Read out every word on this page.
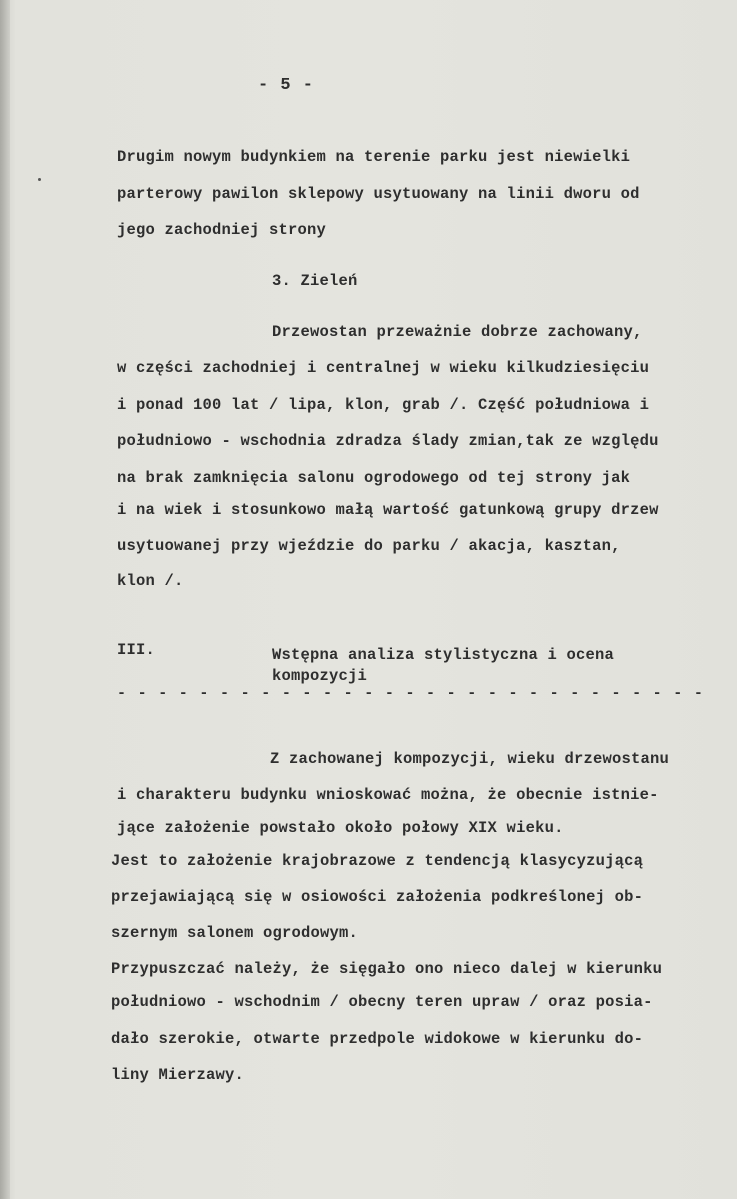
- 5 -
Drugim nowym budynkiem na terenie parku jest niewielki
parterowy pawilon sklepowy usytuowany na linii dworu od
jego zachodniej strony
3. Zieleń
Drzewostan przeważnie dobrze zachowany,
w części zachodniej i centralnej w wieku kilkudziesięciu
i ponad 100 lat / lipa, klon, grab /. Część południowa i
południowo - wschodnia zdradza ślady zmian,tak ze względu
na brak zamknięcia salonu ogrodowego od tej strony jak
i na wiek i stosunkowo małą wartość gatunkową grupy drzew
usytuowanej przy wjeździe do parku / akacja, kasztan,
klon /.
III.	Wstępna analiza stylistyczna i ocena
kompozycji
- - - - - - - - - - - - - - - - - - - - - - - - - - - - -
Z zachowanej kompozycji, wieku drzewostanu
i charakteru budynku wnioskować można, że obecnie istnie-
jące założenie powstało około połowy XIX wieku.
Jest to założenie krajobrazowe z tendencją klasycyzującą
przejawiającą się w osiowości założenia podkreślonej ob-
szernym salonem ogrodowym.
Przypuszczać należy, że sięgało ono nieco dalej w kierunku
południowo - wschodnim / obecny teren upraw / oraz posia-
dało szerokie, otwarte przedpole widokowe w kierunku do-
liny Mierzawy.
